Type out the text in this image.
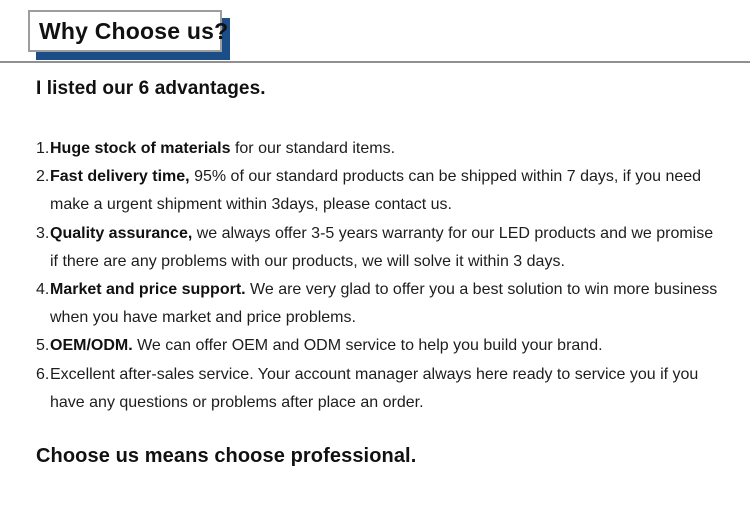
Why Choose us?
I listed our 6 advantages.
1. Huge stock of materials for our standard items.
2. Fast delivery time, 95% of our standard products can be shipped within 7 days, if you need make a urgent shipment within 3days, please contact us.
3. Quality assurance, we always offer 3-5 years warranty for our LED products and we promise if there are any problems with our products, we will solve it within 3 days.
4. Market and price support. We are very glad to offer you a best solution to win more business when you have market and price problems.
5. OEM/ODM. We can offer OEM and ODM service to help you build your brand.
6. Excellent after-sales service. Your account manager always here ready to service you if you have any questions or problems after place an order.
Choose us means choose professional.
